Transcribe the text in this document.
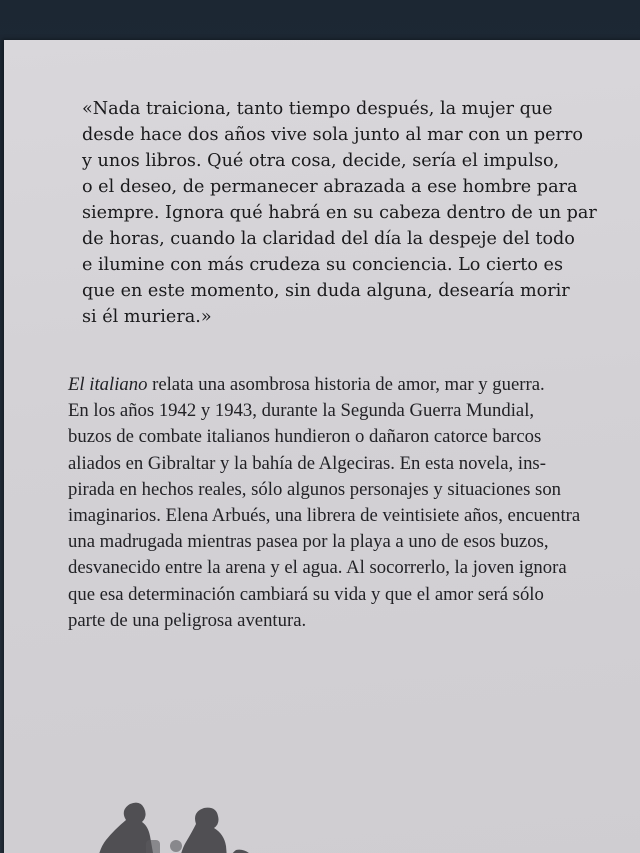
«Nada traiciona, tanto tiempo después, la mujer que
desde hace dos años vive sola junto al mar con un perro
y unos libros. Qué otra cosa, decide, sería el impulso,
o el deseo, de permanecer abrazada a ese hombre para
siempre. Ignora qué habrá en su cabeza dentro de un par
de horas, cuando la claridad del día la despeje del todo
e ilumine con más crudeza su conciencia. Lo cierto es
que en este momento, sin duda alguna, desearía morir
si él muriera.»
El italiano relata una asombrosa historia de amor, mar y guerra.
En los años 1942 y 1943, durante la Segunda Guerra Mundial,
buzos de combate italianos hundieron o dañaron catorce barcos
aliados en Gibraltar y la bahía de Algeciras. En esta novela, ins-
pirada en hechos reales, sólo algunos personajes y situaciones son
imaginarios. Elena Arbués, una librera de veintisiete años, encuentra
una madrugada mientras pasea por la playa a uno de esos buzos,
desvanecido entre la arena y el agua. Al socorrerlo, la joven ignora
que esa determinación cambiará su vida y que el amor será sólo
parte de una peligrosa aventura.
